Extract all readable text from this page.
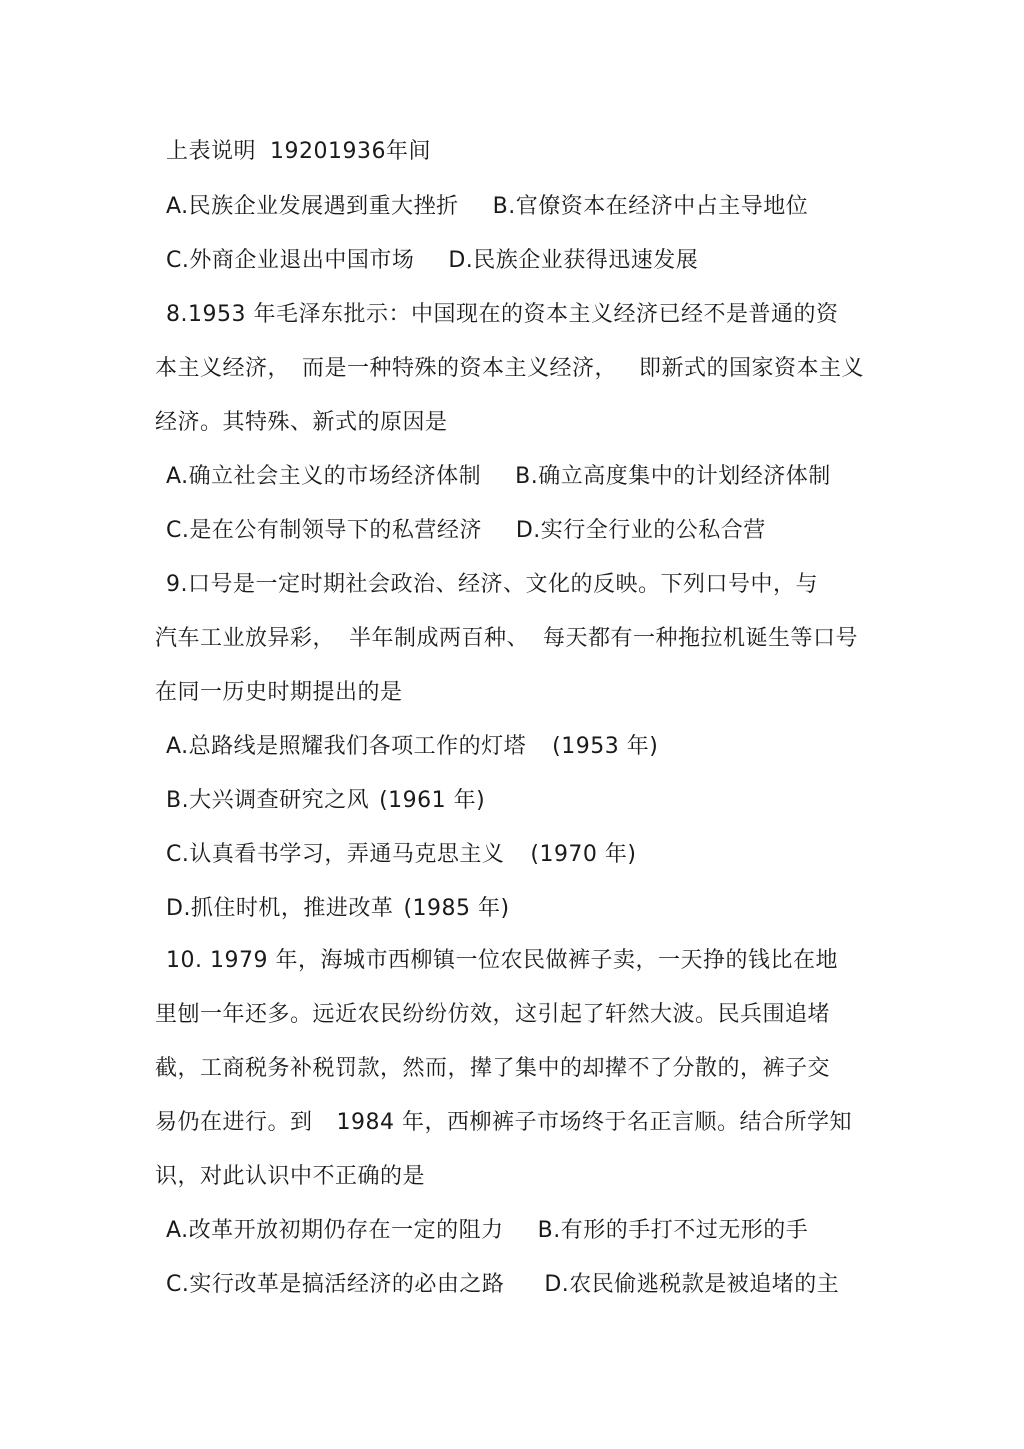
上表说明 19201936年间
A.民族企业发展遇到重大挫折 B.官僚资本在经济中占主导地位
C.外商企业退出中国市场 D.民族企业获得迅速发展
8.1953 年毛泽东批示：中国现在的资本主义经济已经不是普通的资
本主义经济， 而是一种特殊的资本主义经济， 即新式的国家资本主义
经济。其特殊、新式的原因是
A.确立社会主义的市场经济体制 B.确立高度集中的计划经济体制
C.是在公有制领导下的私营经济 D.实行全行业的公私合营
9.口号是一定时期社会政治、经济、文化的反映。下列口号中，与
汽车工业放异彩， 半年制成两百种、 每天都有一种拖拉机诞生等口号
在同一历史时期提出的是
A.总路线是照耀我们各项工作的灯塔 (1953 年)
B.大兴调查研究之风 (1961 年)
C.认真看书学习，弄通马克思主义 (1970 年)
D.抓住时机，推进改革 (1985 年)
10. 1979 年，海城市西柳镇一位农民做裤子卖，一天挣的钱比在地
里刨一年还多。远近农民纷纷仿效，这引起了轩然大波。民兵围追堵
截，工商税务补税罚款，然而，撵了集中的却撵不了分散的，裤子交
易仍在进行。到 1984 年，西柳裤子市场终于名正言顺。结合所学知
识，对此认识中不正确的是
A.改革开放初期仍存在一定的阻力 B.有形的手打不过无形的手
C.实行改革是搞活经济的必由之路 D.农民偷逃税款是被追堵的主
